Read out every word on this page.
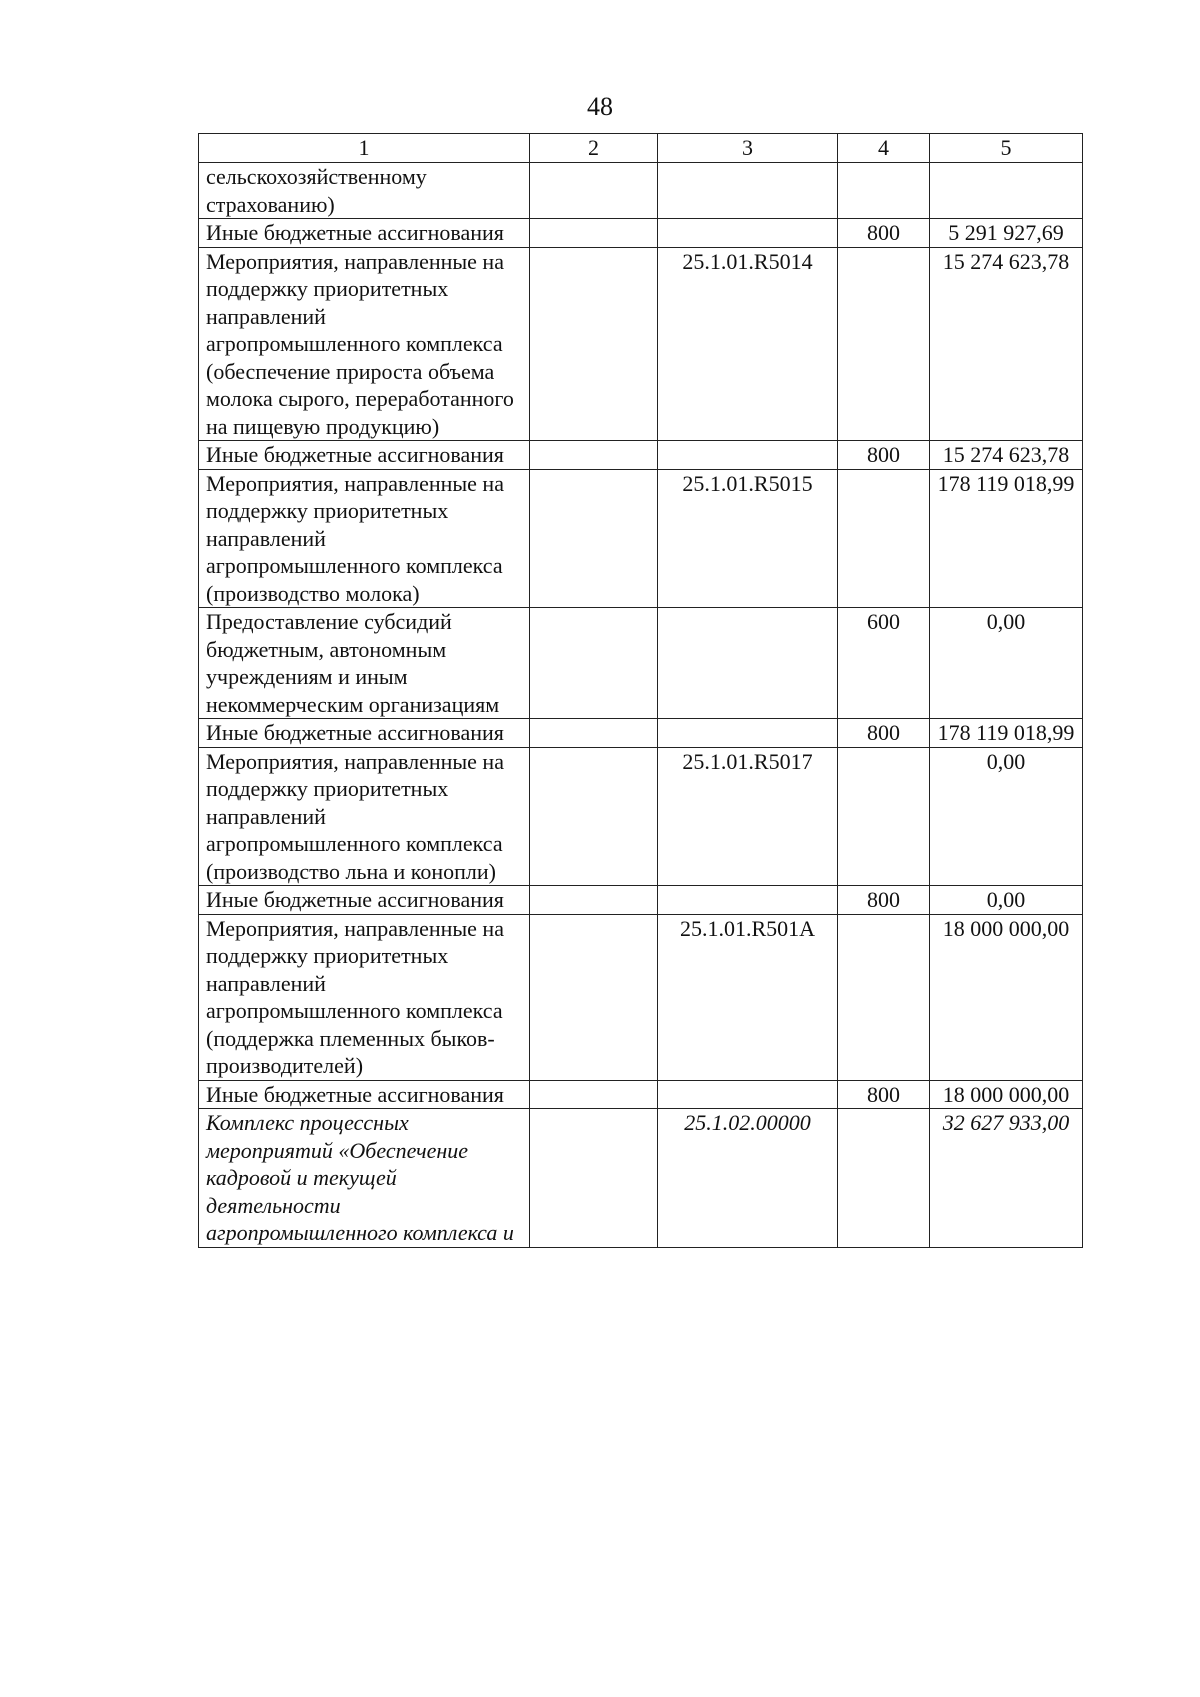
48
1	2	3	4	5
сельскохозяйственному страхованию)				
Иные бюджетные ассигнования			800	5 291 927,69
Мероприятия, направленные на поддержку приоритетных направлений агропромышленного комплекса (обеспечение прироста объема молока сырого, переработанного на пищевую продукцию)		25.1.01.R5014		15 274 623,78
Иные бюджетные ассигнования			800	15 274 623,78
Мероприятия, направленные на поддержку приоритетных направлений агропромышленного комплекса (производство молока)		25.1.01.R5015		178 119 018,99
Предоставление субсидий бюджетным, автономным учреждениям и иным некоммерческим организациям			600	0,00
Иные бюджетные ассигнования			800	178 119 018,99
Мероприятия, направленные на поддержку приоритетных направлений агропромышленного комплекса (производство льна и конопли)		25.1.01.R5017		0,00
Иные бюджетные ассигнования			800	0,00
Мероприятия, направленные на поддержку приоритетных направлений агропромышленного комплекса (поддержка племенных быков-производителей)		25.1.01.R501A		18 000 000,00
Иные бюджетные ассигнования			800	18 000 000,00
Комплекс процессных мероприятий «Обеспечение кадровой и текущей деятельности агропромышленного комплекса и		25.1.02.00000		32 627 933,00
